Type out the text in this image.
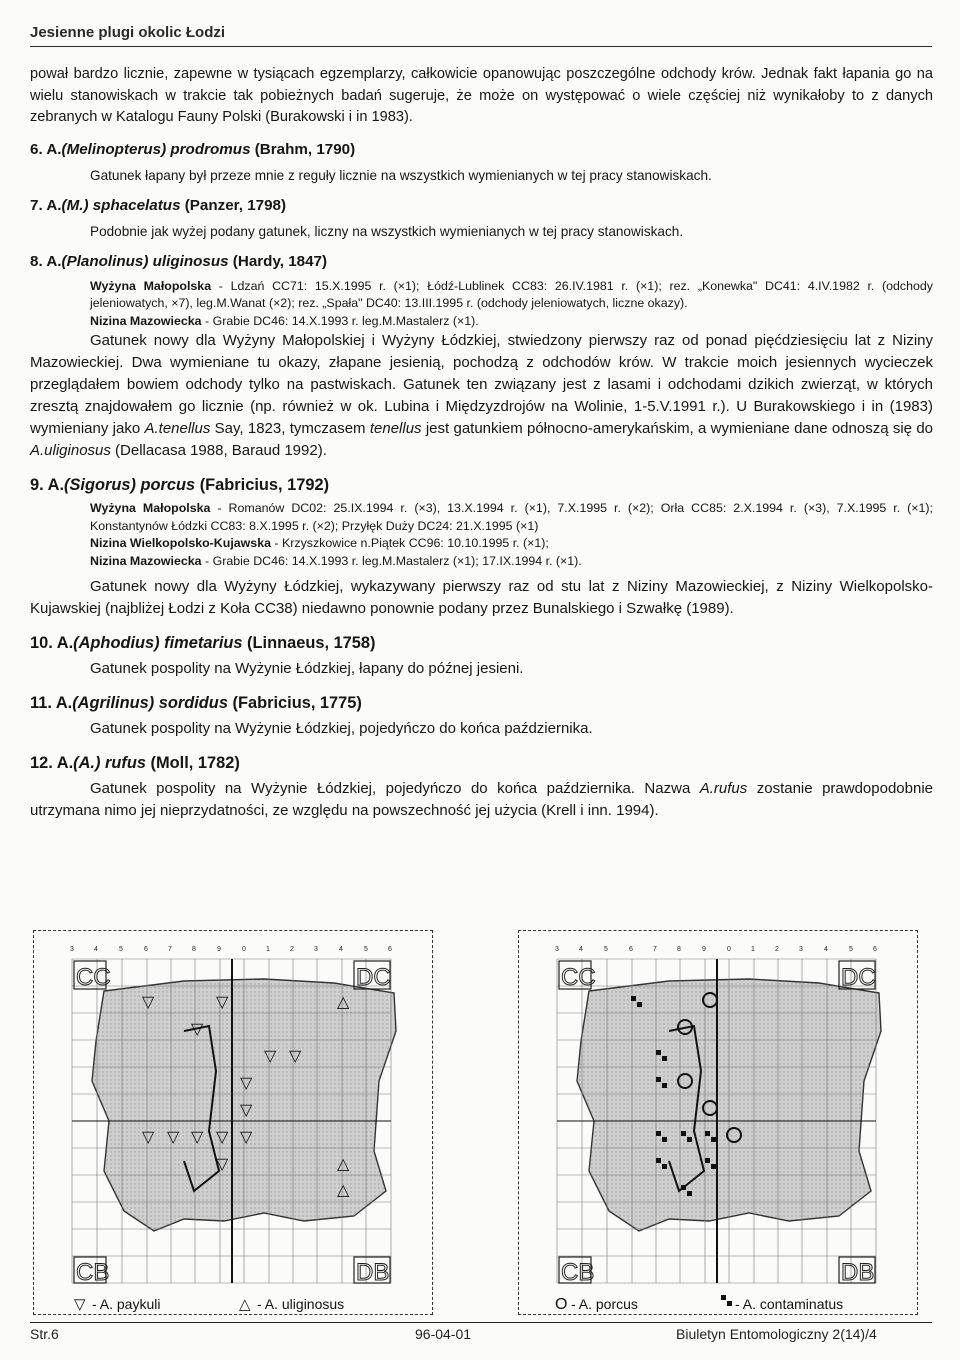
Jesienne plugi okolic Łodzi

pował bardzo licznie, zapewne w tysiącach egzemplarzy, całkowicie opanowując poszczególne odchody krów. Jednak fakt łapania go na wielu stanowiskach w trakcie tak pobieżnych badań sugeruje, że może on występować o wiele częściej niż wynikałoby to z danych zebranych w Katalogu Fauny Polski (Burakowski i in 1983).

6. A.(Melinopterus) prodromus (Brahm, 1790)

Gatunek łapany był przeze mnie z reguły licznie na wszystkich wymienianych w tej pracy stanowiskach.

7. A.(M.) sphacelatus (Panzer, 1798)

Podobnie jak wyżej podany gatunek, liczny na wszystkich wymienianych w tej pracy stanowiskach.

8. A.(Planolinus) uliginosus (Hardy, 1847)

Wyżyna Małopolska - Ldzań CC71: 15.X.1995 r. (×1); Łódź-Lublinek CC83: 26.IV.1981 r. (×1); rez. „Konewka" DC41: 4.IV.1982 r. (odchody jeleniowatych, ×7), leg.M.Wanat (×2); rez. „Spała" DC40: 13.III.1995 r. (odchody jeleniowatych, liczne okazy).

Nizina Mazowiecka - Grabie DC46: 14.X.1993 r. leg.M.Mastalerz (×1).

Gatunek nowy dla Wyżyny Małopolskiej i Wyżyny Łódzkiej, stwiedzony pierwszy raz od ponad pięćdziesięciu lat z Niziny Mazowieckiej. Dwa wymieniane tu okazy, złapane jesienią, pochodzą z odchodów krów. W trakcie moich jesiennych wycieczek przeglądałem bowiem odchody tylko na pastwiskach. Gatunek ten związany jest z lasami i odchodami dzikich zwierząt, w których zresztą znajdowałem go licznie (np. również w ok. Lubina i Międzyzdrojów na Wolinie, 1-5.V.1991 r.). U Burakowskiego i in (1983) wymieniany jako A.tenellus Say, 1823, tymczasem tenellus jest gatunkiem północno-amerykańskim, a wymieniane dane odnoszą się do A.uliginosus (Dellacasa 1988, Baraud 1992).

9. A.(Sigorus) porcus (Fabricius, 1792)

Wyżyna Małopolska - Romanów DC02: 25.IX.1994 r. (×3), 13.X.1994 r. (×1), 7.X.1995 r. (×2); Orła CC85: 2.X.1994 r. (×3), 7.X.1995 r. (×1); Konstantynów Łódzki CC83: 8.X.1995 r. (×2); Przyłęk Duży DC24: 21.X.1995 (×1)

Nizina Wielkopolsko-Kujawska - Krzyszkowice n.Piątek CC96: 10.10.1995 r. (×1);

Nizina Mazowiecka - Grabie DC46: 14.X.1993 r. leg.M.Mastalerz (×1); 17.IX.1994 r. (×1).

Gatunek nowy dla Wyżyny Łódzkiej, wykazywany pierwszy raz od stu lat z Niziny Mazowieckiej, z Niziny Wielkopolsko-Kujawskiej (najbliżej Łodzi z Koła CC38) niedawno ponownie podany przez Bunalskiego i Szwałkę (1989).

10. A.(Aphodius) fimetarius (Linnaeus, 1758)

Gatunek pospolity na Wyżynie Łódzkiej, łapany do późnej jesieni.

11. A.(Agrilinus) sordidus (Fabricius, 1775)

Gatunek pospolity na Wyżynie Łódzkiej, pojedyńczo do końca października.

12. A.(A.) rufus (Moll, 1782)

Gatunek pospolity na Wyżynie Łódzkiej, pojedyńczo do końca października. Nazwa A.rufus zostanie prawdopodobnie utrzymana nimo jej nieprzydatności, ze względu na powszechność jej użycia (Krell i inn. 1994).

3	4	5	6	7	8	9	0	1	2	3	4	5	6
CC	DC
CB	DB
▽	▽
▽
▽ ▽
▽
▽
▽ ▽ ▽ ▽ ▽
▽
△
△
△
▽ - A. paykuli	△ - A. uliginosus
3	4	5	6	7	8	9	0	1	2	3	4	5	6
CC	DC
CB	DB
O - A. porcus	- A. contaminatus
Str.6	96-04-01	Biuletyn Entomologiczny 2(14)/4
